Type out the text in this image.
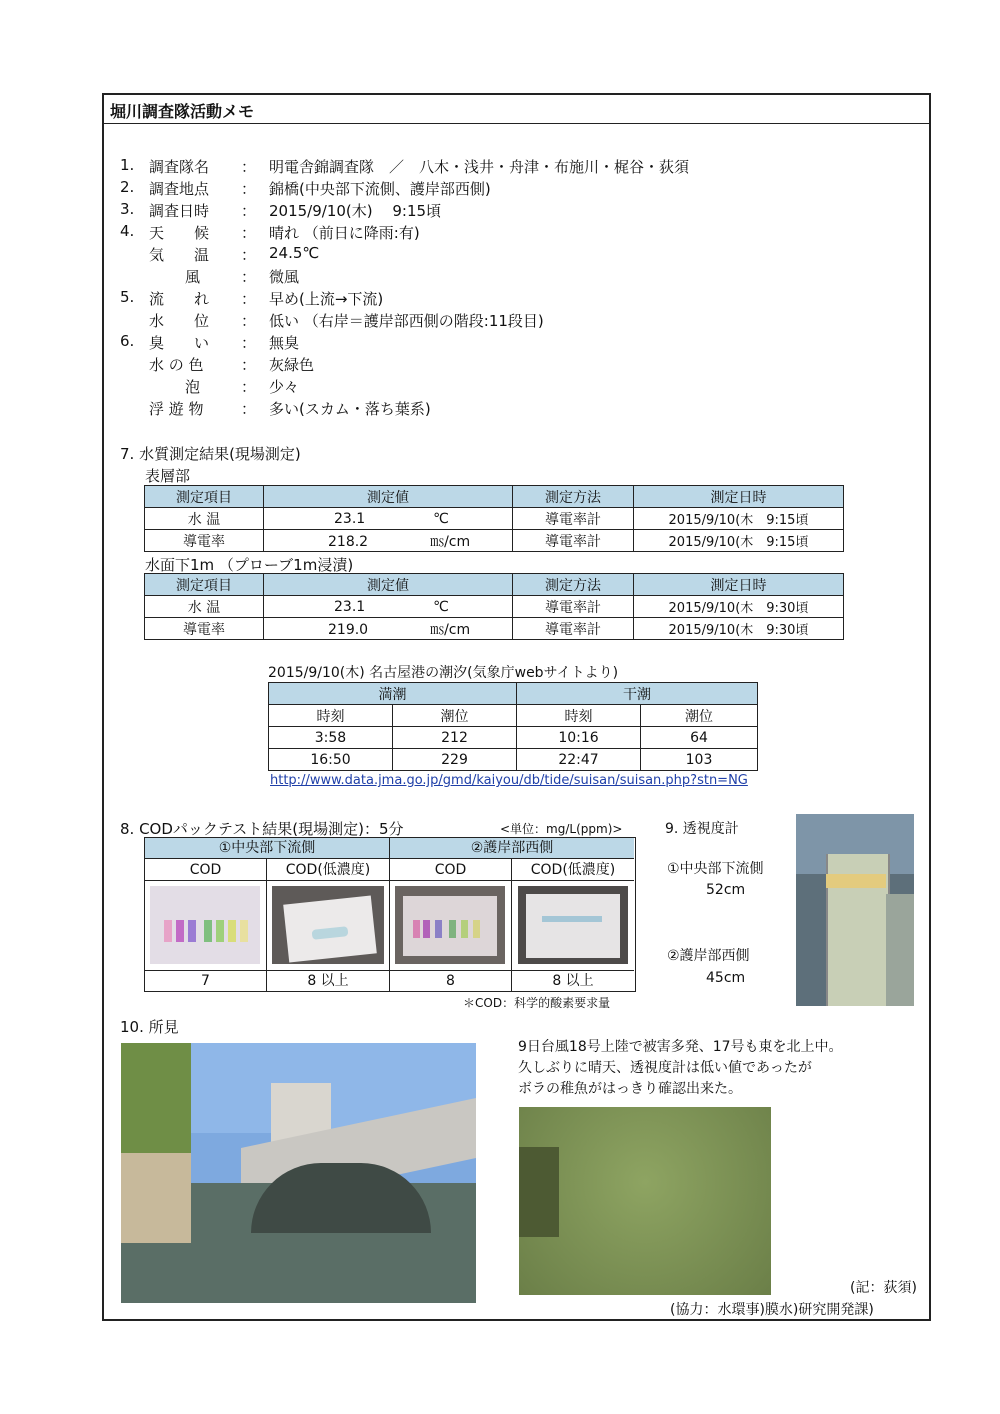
堀川調査隊活動メモ
1. 調査隊名 ： 明電舎錦調査隊　／　八木・浅井・舟津・布施川・梶谷・荻須
2. 調査地点 ： 錦橋(中央部下流側、護岸部西側)
3. 調査日時 ： 2015/9/10(木)　 9:15頃
4. 天　　候 ： 晴れ （前日に降雨:有)
気　　温 ： 24.5℃
風	： 微風
5. 流　　れ ： 早め(上流→下流)
水　　位 ： 低い （右岸＝護岸部西側の階段:11段目)
6. 臭　　い ： 無臭
水 の 色 ： 灰緑色
泡	： 少々
浮 遊 物 ： 多い(スカム・落ち葉系)
7. 水質測定結果(現場測定)
表層部
測定項目	測定値	測定方法	測定日時
水 温	23.1 ℃	導電率計	2015/9/10(木　9:15頃
導電率	218.2 ㎳/cm	導電率計	2015/9/10(木　9:15頃
水面下1m （プローブ1m浸漬)
測定項目	測定値	測定方法	測定日時
水 温	23.1 ℃	導電率計	2015/9/10(木　9:30頃
導電率	219.0 ㎳/cm	導電率計	2015/9/10(木　9:30頃
2015/9/10(木) 名古屋港の潮汐(気象庁webサイトより)
満潮		干潮	
時刻	潮位	時刻	潮位
3:58	212	10:16	64
16:50	229	22:47	103
http://www.data.jma.go.jp/gmd/kaiyou/db/tide/suisan/suisan.php?stn=NG
8. CODパックテスト結果(現場測定)：5分	<単位：mg/L(ppm)>
①中央部下流側	②護岸部西側
COD	COD(低濃度)	COD	COD(低濃度)
7	8 以上	8	8 以上
＊COD：科学的酸素要求量
9. 透視度計
①中央部下流側
52cm
②護岸部西側
45cm
10. 所見
9日台風18号上陸で被害多発、17号も東を北上中。
久しぶりに晴天、透視度計は低い値であったが
ボラの稚魚がはっきり確認出来た。
(記：荻須)
(協力：水環事)膜水)研究開発課)
